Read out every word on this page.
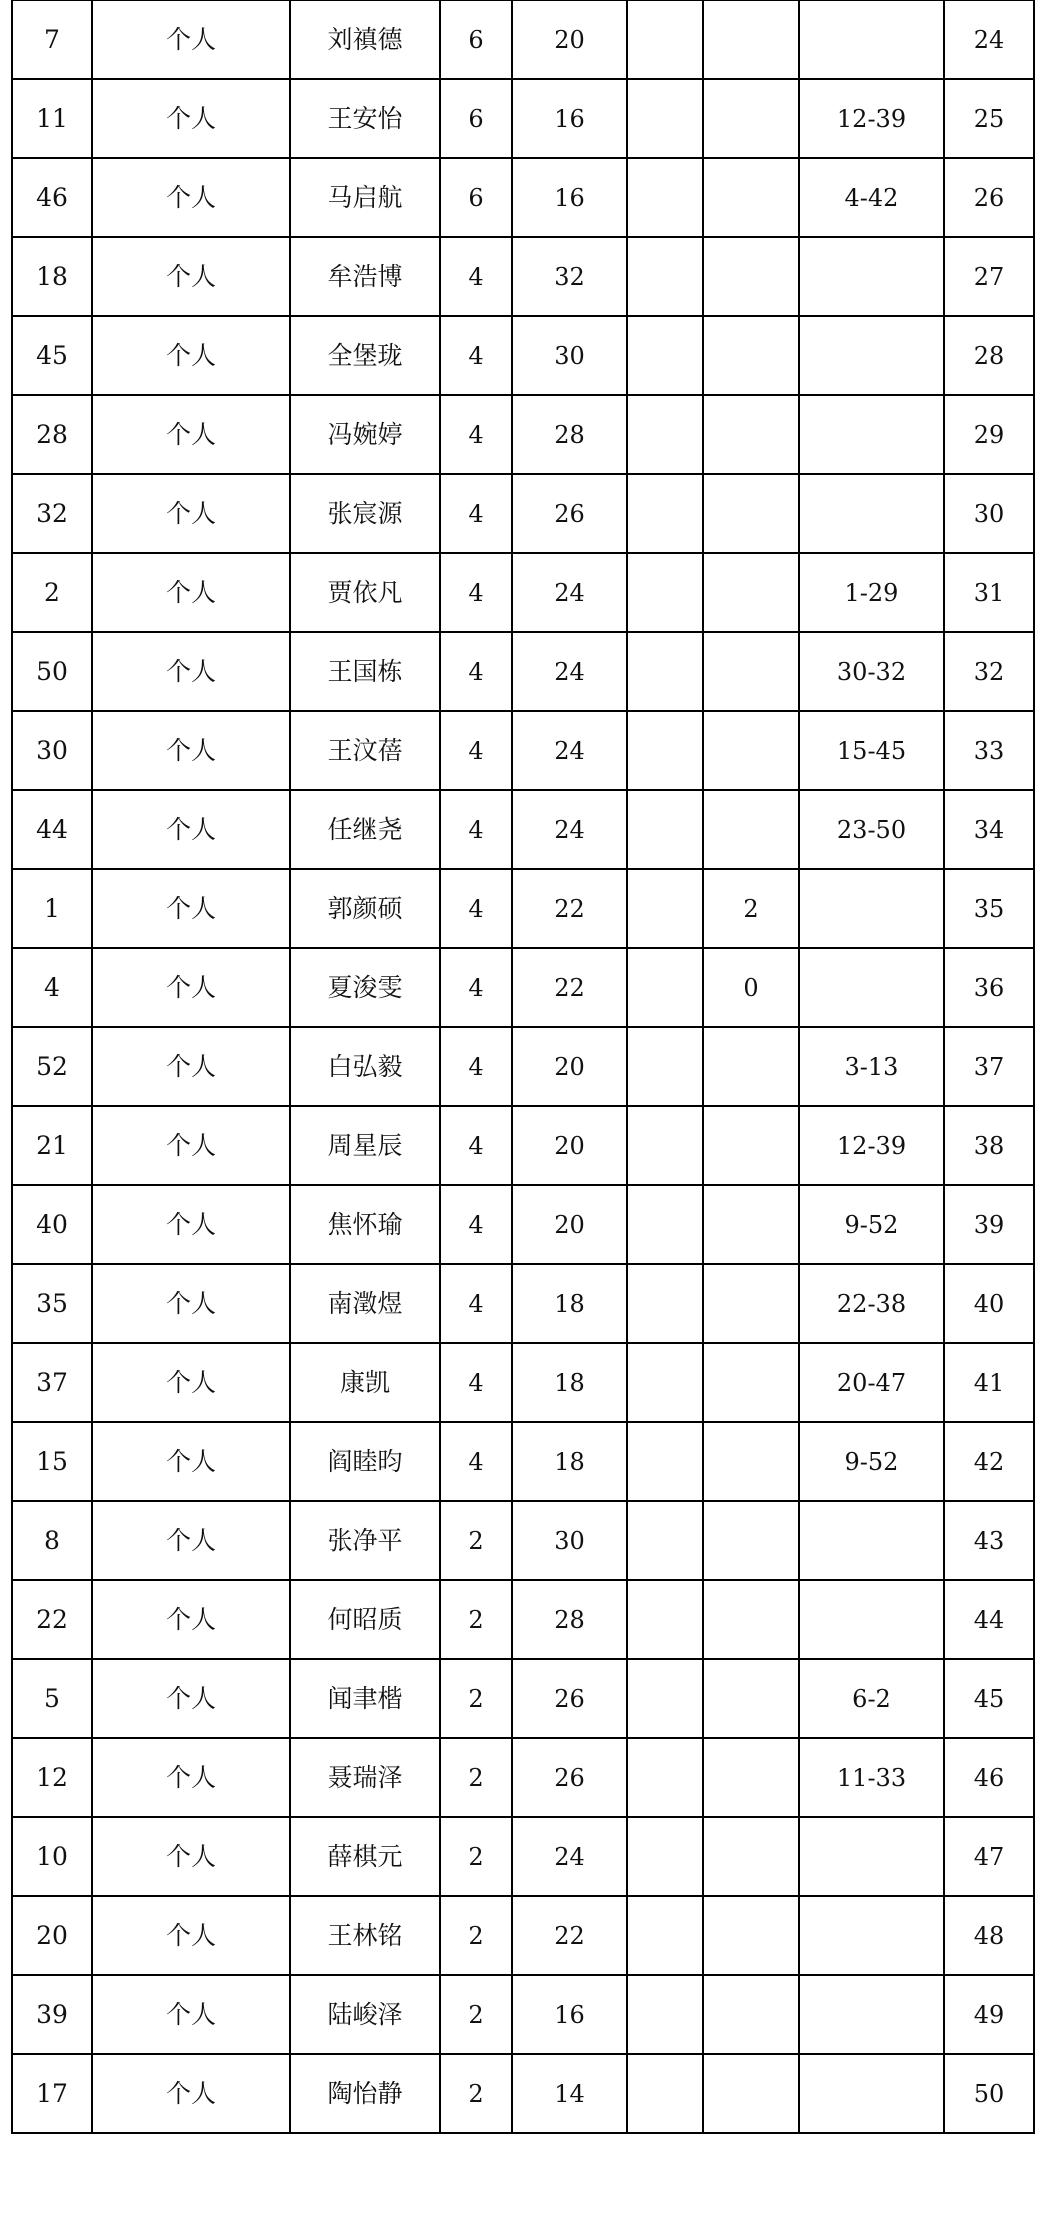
7	个人	刘禛德	6	20				24
11	个人	王安怡	6	16			12-39	25
46	个人	马启航	6	16			4-42	26
18	个人	牟浩博	4	32				27
45	个人	全堡珑	4	30				28
28	个人	冯婉婷	4	28				29
32	个人	张宸源	4	26				30
2	个人	贾依凡	4	24			1-29	31
50	个人	王国栋	4	24			30-32	32
30	个人	王汶蓓	4	24			15-45	33
44	个人	任继尧	4	24			23-50	34
1	个人	郭颜硕	4	22		2		35
4	个人	夏浚雯	4	22		0		36
52	个人	白弘毅	4	20			3-13	37
21	个人	周星辰	4	20			12-39	38
40	个人	焦怀瑜	4	20			9-52	39
35	个人	南澂煜	4	18			22-38	40
37	个人	康凯	4	18			20-47	41
15	个人	阎睦昀	4	18			9-52	42
8	个人	张净平	2	30				43
22	个人	何昭质	2	28				44
5	个人	闻聿楷	2	26			6-2	45
12	个人	聂瑞泽	2	26			11-33	46
10	个人	薛棋元	2	24				47
20	个人	王林铭	2	22				48
39	个人	陆峻泽	2	16				49
17	个人	陶怡静	2	14				50
